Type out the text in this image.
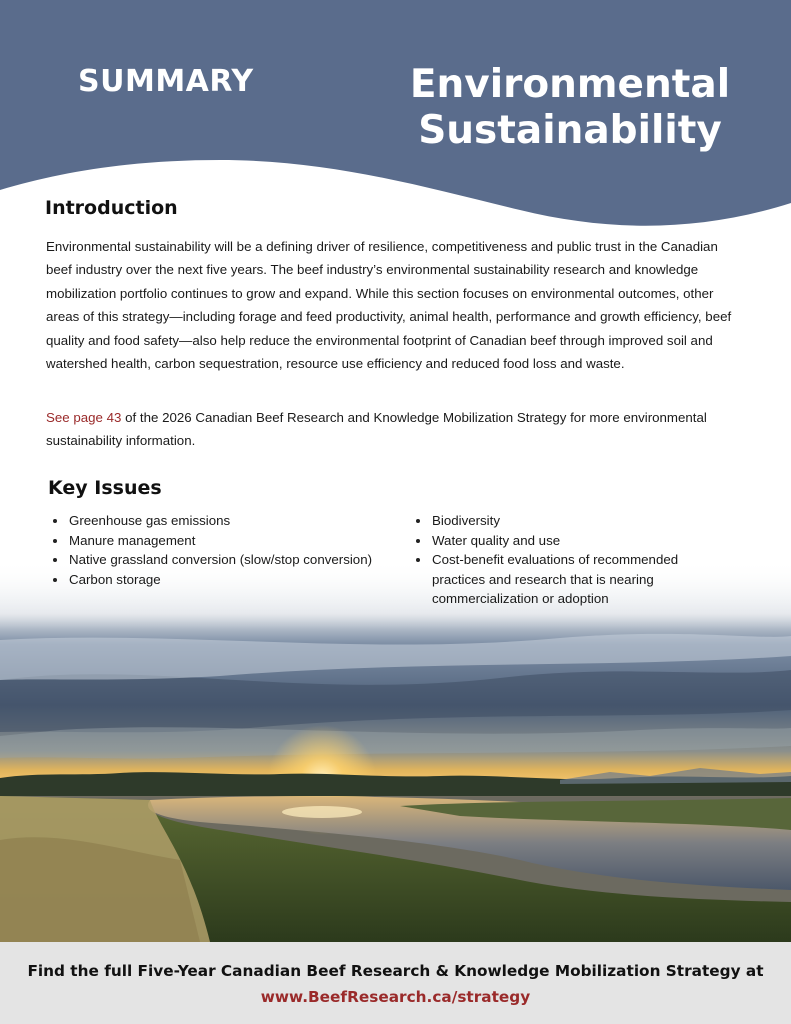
SUMMARY	Environmental
Sustainability
Introduction

Environmental sustainability will be a defining driver of resilience, competitiveness and public trust in the Canadian beef industry over the next five years. The beef industry’s environmental sustainability research and knowledge mobilization portfolio continues to grow and expand. While this section focuses on environmental outcomes, other areas of this strategy—including forage and feed productivity, animal health, performance and growth efficiency, beef quality and food safety—also help reduce the environmental footprint of Canadian beef through improved soil and watershed health, carbon sequestration, resource use efficiency and reduced food loss and waste.

See page 43 of the 2026 Canadian Beef Research and Knowledge Mobilization Strategy for more environmental sustainability information.

Key Issues
Greenhouse gas emissions
Manure management
Native grassland conversion (slow/stop conversion)
Carbon storage
Biodiversity
Water quality and use
Cost-benefit evaluations of recommended practices and research that is nearing commercialization or adoption
Find the full Five-Year Canadian Beef Research & Knowledge Mobilization Strategy at
www.BeefResearch.ca/strategy
